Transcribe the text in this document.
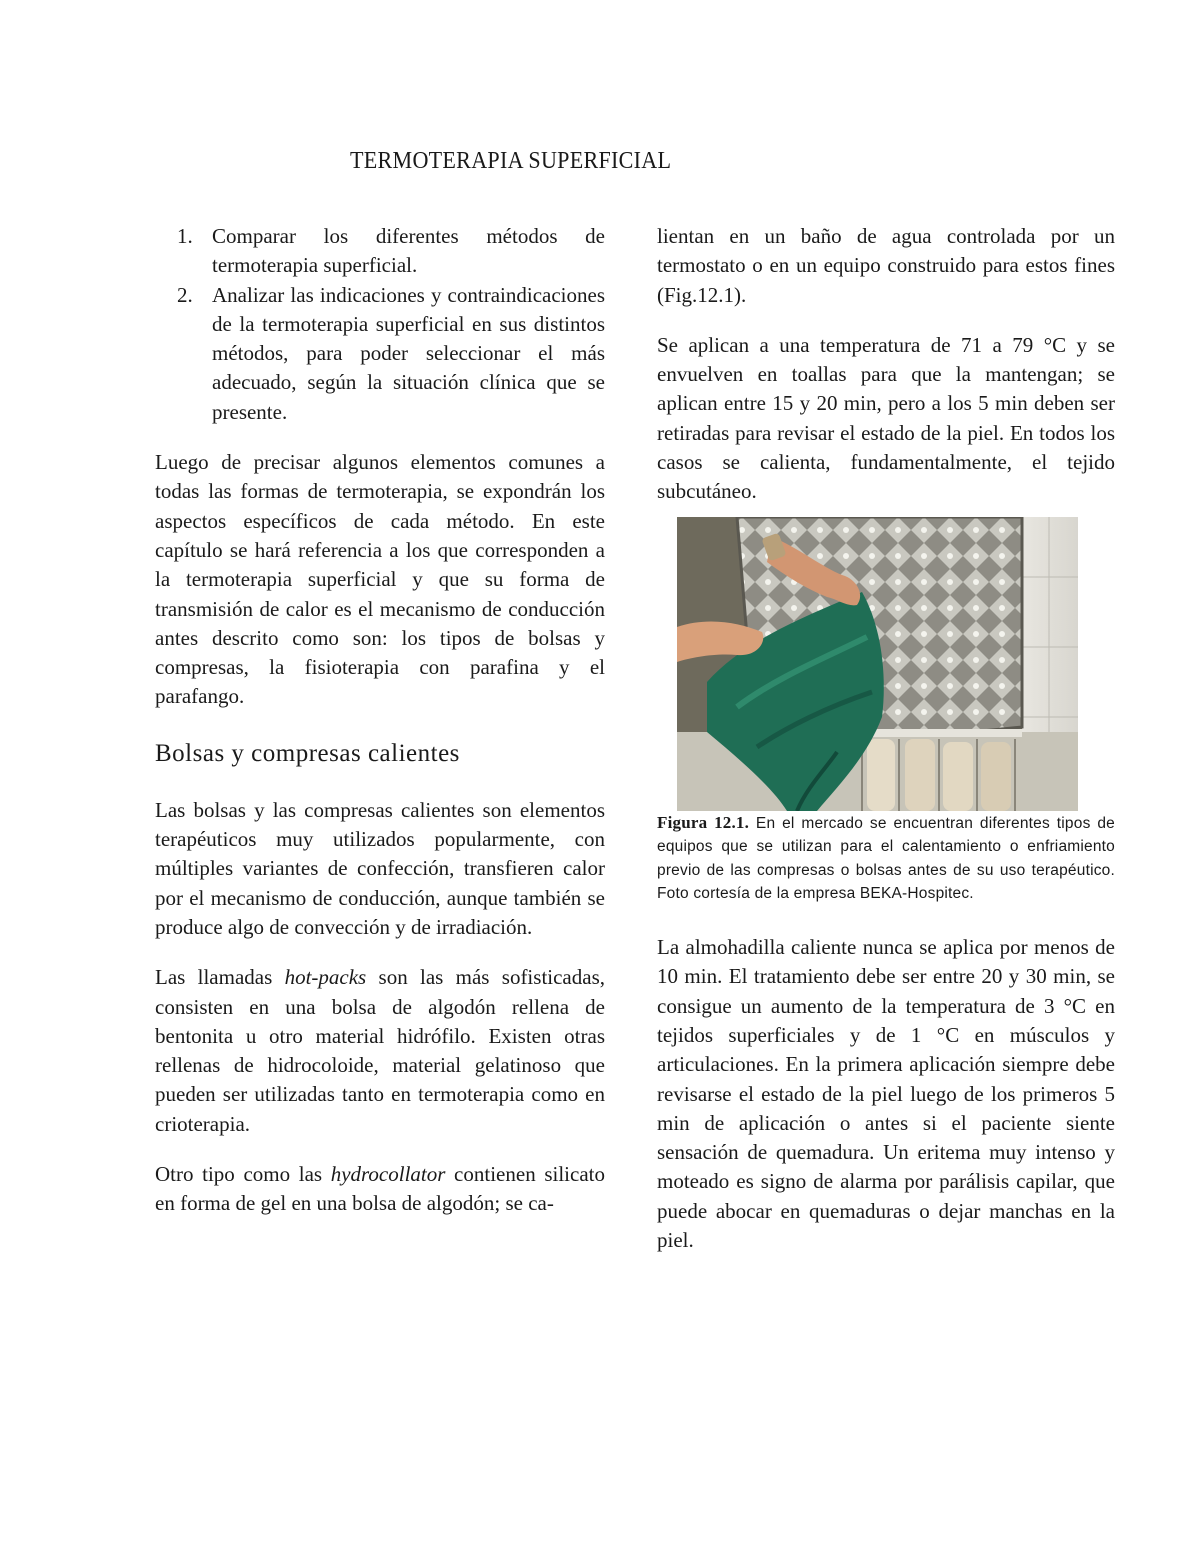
TERMOTERAPIA SUPERFICIAL
1. Comparar los diferentes métodos de termoterapia superficial.
2. Analizar las indicaciones y contraindicaciones de la termoterapia superficial en sus distintos métodos, para poder seleccionar el más adecuado, según la situación clínica que se presente.

Luego de precisar algunos elementos comunes a todas las formas de termoterapia, se expondrán los aspectos específicos de cada método. En este capítulo se hará referencia a los que corresponden a la termoterapia superficial y que su forma de transmisión de calor es el mecanismo de conducción antes descrito como son: los tipos de bolsas y compresas, la fisioterapia con parafina y el parafango.

Bolsas y compresas calientes

Las bolsas y las compresas calientes son elementos terapéuticos muy utilizados popularmente, con múltiples variantes de confección, transfieren calor por el mecanismo de conducción, aunque también se produce algo de convección y de irradiación.

Las llamadas hot-packs son las más sofisticadas, consisten en una bolsa de algodón rellena de bentonita u otro material hidrófilo. Existen otras rellenas de hidrocoloide, material gelatinoso que pueden ser utilizadas tanto en termoterapia como en crioterapia.

Otro tipo como las hydrocollator contienen silicato en forma de gel en una bolsa de algodón; se ca-

lientan en un baño de agua controlada por un termostato o en un equipo construido para estos fines (Fig.12.1).

Se aplican a una temperatura de 71 a 79 °C y se envuelven en toallas para que la mantengan; se aplican entre 15 y 20 min, pero a los 5 min deben ser retiradas para revisar el estado de la piel. En todos los casos se calienta, fundamentalmente, el tejido subcutáneo.

Figura 12.1. En el mercado se encuentran diferentes tipos de equipos que se utilizan para el calentamiento o enfriamiento previo de las compresas o bolsas antes de su uso terapéutico. Foto cortesía de la empresa BEKA-Hospitec.

La almohadilla caliente nunca se aplica por menos de 10 min. El tratamiento debe ser entre 20 y 30 min, se consigue un aumento de la temperatura de 3 °C en tejidos superficiales y de 1 °C en músculos y articulaciones. En la primera aplicación siempre debe revisarse el estado de la piel luego de los primeros 5 min de aplicación o antes si el paciente siente sensación de quemadura. Un eritema muy intenso y moteado es signo de alarma por parálisis capilar, que puede abocar en quemaduras o dejar manchas en la piel.
